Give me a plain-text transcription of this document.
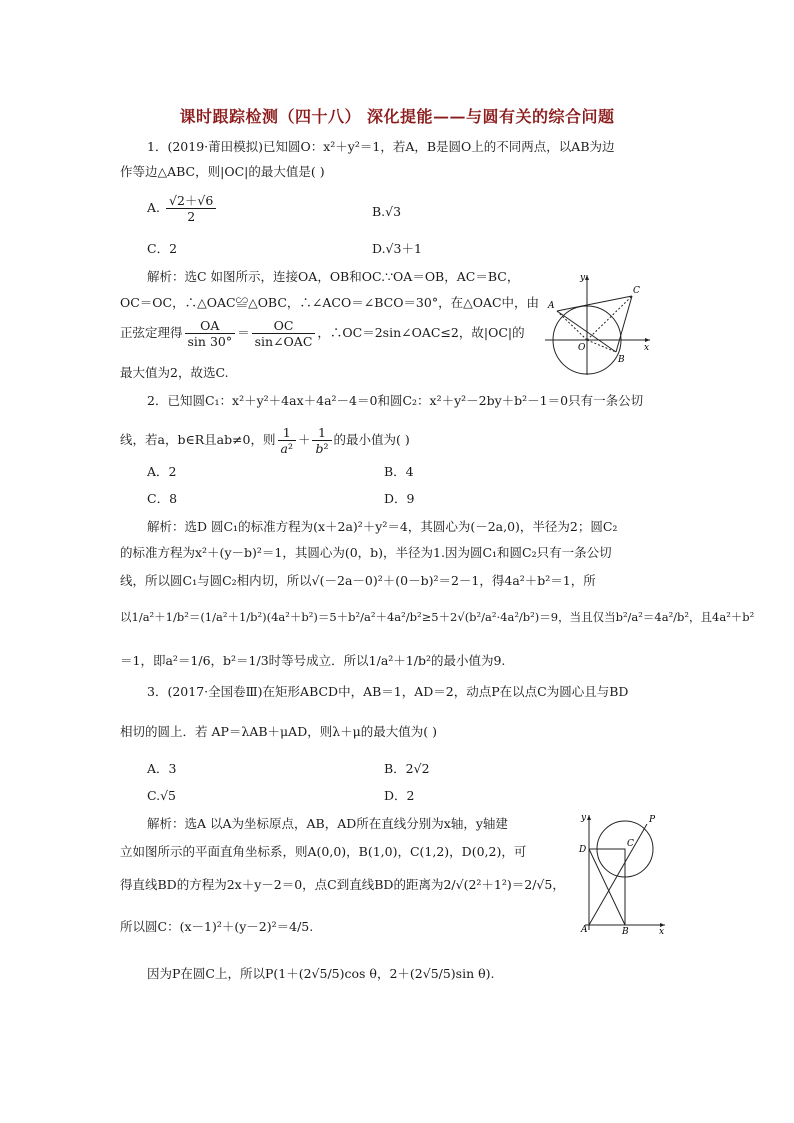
课时跟踪检测（四十八） 深化提能——与圆有关的综合问题
1．(2019·莆田模拟)已知圆O：x²＋y²＝1，若A，B是圆O上的不同两点，以AB为边
作等边△ABC，则|OC|的最大值是( )
A. $\frac{√2+√6}{2}$	B.√3
C．2	D.√3＋1
解析：选C 如图所示，连接OA，OB和OC.∵OA＝OB，AC＝BC，
OC＝OC，∴△OAC≌△OBC，∴∠ACO＝∠BCO＝30°，在△OAC中，由
正弦定理得 $\frac{OA}{\sin 30^\circ} = \frac{OC}{\text{sin∠OAC}}$ ，∴OC＝2sin∠OAC≤2，故|OC|的
最大值为2，故选C.
y
x
A
B
C
O
2．已知圆C₁：x²＋y²＋4ax＋4a²－4＝0和圆C₂：x²＋y²－2by＋b²－1＝0只有一条公切
线，若a，b∈R且ab≠0，则 $\frac{1}{\text{a²}} + \frac{1}{\text{b²}}$ 的最小值为( )
A．2	B．4
C．8	D．9
解析：选D 圆C₁的标准方程为(x＋2a)²＋y²＝4，其圆心为(－2a,0)，半径为2；圆C₂
的标准方程为x²＋(y－b)²＝1，其圆心为(0，b)，半径为1.因为圆C₁和圆C₂只有一条公切
线，所以圆C₁与圆C₂相内切，所以√(－2a－0)²＋(0－b)²＝2－1，得4a²＋b²＝1，所
以1/a²＋1/b²＝(1/a²＋1/b²)(4a²＋b²)＝5＋b²/a²＋4a²/b²≥5＋2√(b²/a²·4a²/b²)＝9，当且仅当b²/a²＝4a²/b²，且4a²＋b²
＝1，即a²＝1/6，b²＝1/3时等号成立．所以1/a²＋1/b²的最小值为9.
3．(2017·全国卷Ⅲ)在矩形ABCD中，AB＝1，AD＝2，动点P在以点C为圆心且与BD
相切的圆上．若 AP＝λAB＋μAD，则λ＋μ的最大值为( )
A．3	B．2√2
C.√5	D．2
解析：选A 以A为坐标原点，AB，AD所在直线分别为x轴，y轴建
立如图所示的平面直角坐标系，则A(0,0)，B(1,0)，C(1,2)，D(0,2)，可
得直线BD的方程为2x＋y－2＝0，点C到直线BD的距离为2/√(2²＋1²)＝2/√5，
所以圆C：(x－1)²＋(y－2)²＝4/5.
因为P在圆C上，所以P(1＋(2√5/5)cos θ，2＋(2√5/5)sin θ).
y
x
A	B
C
D
P
